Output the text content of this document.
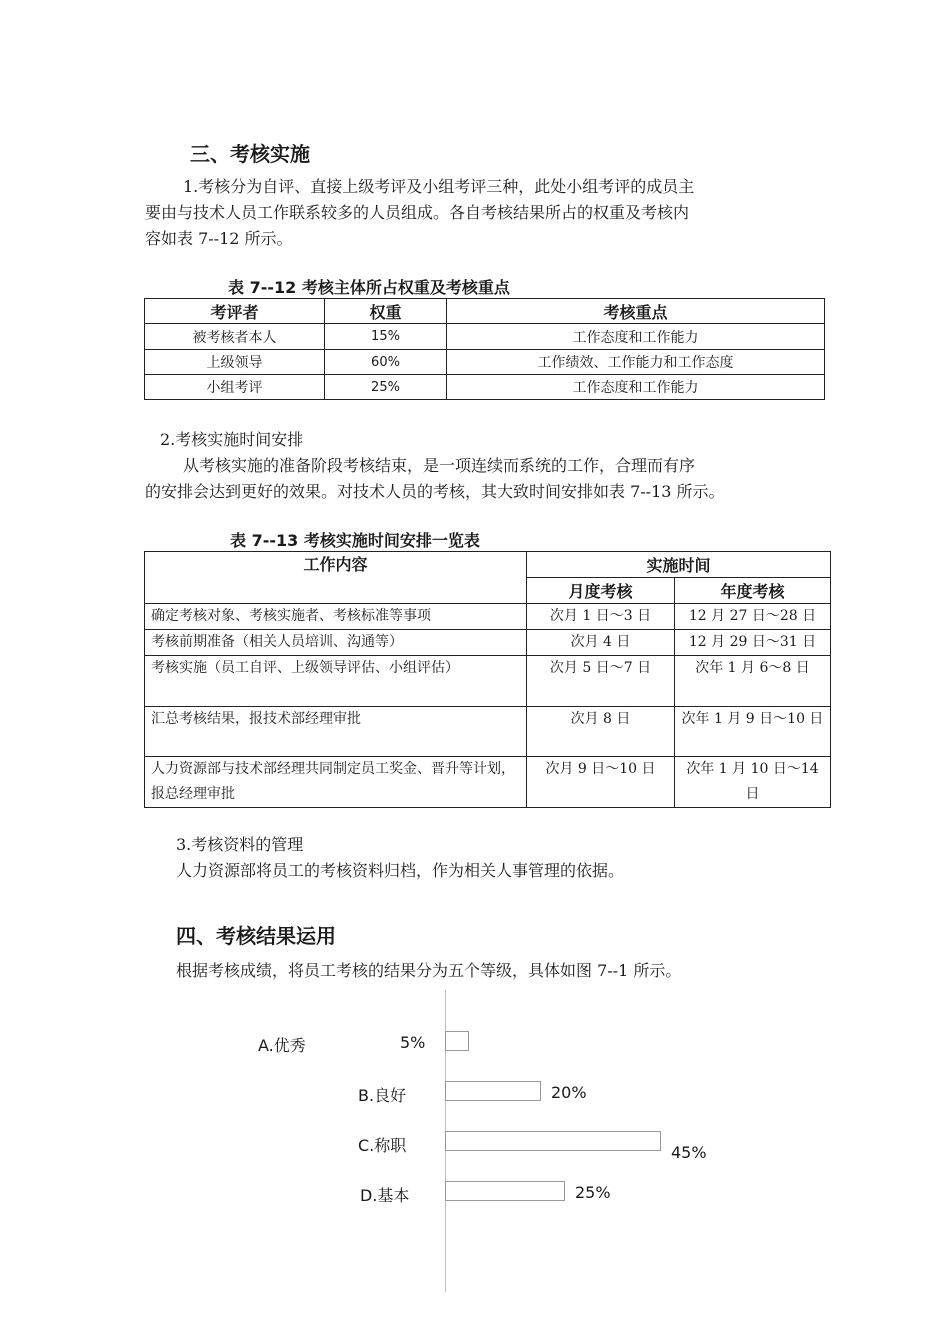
三、考核实施
1.考核分为自评、直接上级考评及小组考评三种，此处小组考评的成员主
要由与技术人员工作联系较多的人员组成。各自考核结果所占的权重及考核内
容如表 7--12 所示。
表 7--12 考核主体所占权重及考核重点
考评者	权重	考核重点
被考核者本人	15%	工作态度和工作能力
上级领导	60%	工作绩效、工作能力和工作态度
小组考评	25%	工作态度和工作能力
2.考核实施时间安排
从考核实施的准备阶段考核结束，是一项连续而系统的工作，合理而有序
的安排会达到更好的效果。对技术人员的考核，其大致时间安排如表 7--13 所示。
表 7--13 考核实施时间安排一览表
工作内容	实施时间	
	月度考核	年度考核
确定考核对象、考核实施者、考核标准等事项	次月 1 日～3 日	12 月 27 日～28 日
考核前期准备（相关人员培训、沟通等）	次月 4 日	12 月 29 日～31 日
考核实施（员工自评、上级领导评估、小组评估）	次月 5 日～7 日	次年 1 月 6～8 日
汇总考核结果，报技术部经理审批	次月 8 日	次年 1 月 9 日～10 日
人力资源部与技术部经理共同制定员工奖金、晋升等计划，报总经理审批	次月 9 日～10 日	次年 1 月 10 日～14 日
3.考核资料的管理
人力资源部将员工的考核资料归档，作为相关人事管理的依据。
四、考核结果运用
根据考核成绩，将员工考核的结果分为五个等级，具体如图 7--1 所示。
A.优秀	5%
B.良好	20%
C.称职	45%
D.基本	25%
